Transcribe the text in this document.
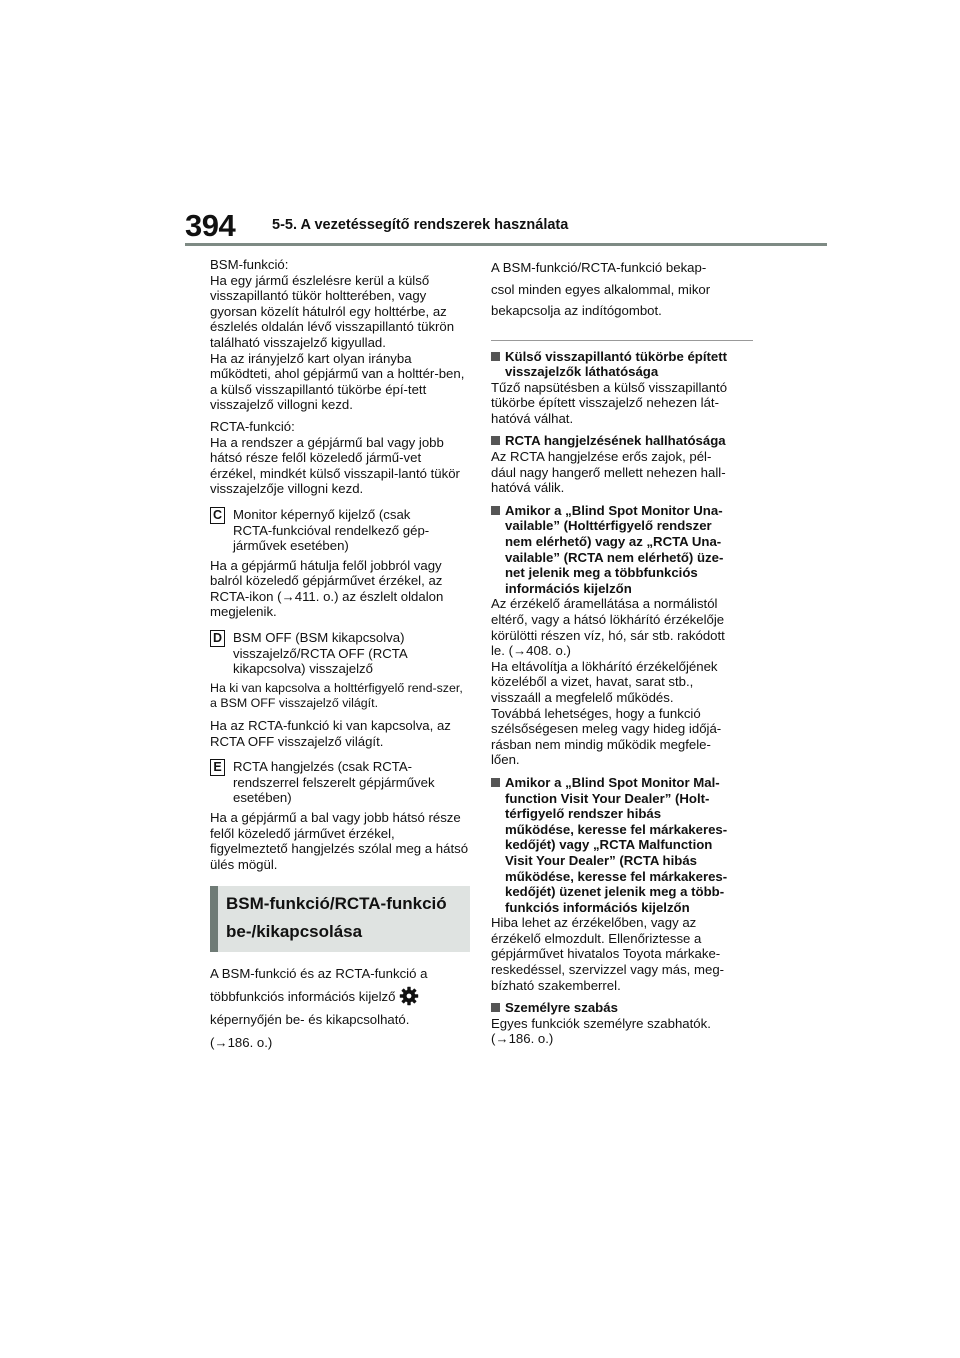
394	5-5. A vezetéssegítő rendszerek használata

BSM-funkció:
Ha egy jármű észlelésre kerül a külső visszapillantó tükör holtterében, vagy gyorsan közelít hátulról egy holttérbe, az észlelés oldalán lévő visszapillantó tükrön található visszajelző kigyullad.
Ha az irányjelző kart olyan irányba működteti, ahol gépjármű van a holttér-ben, a külső visszapillantó tükörbe épí-tett visszajelző villogni kezd.

RCTA-funkció:
Ha a rendszer a gépjármű bal vagy jobb hátsó része felől közeledő jármű-vet érzékel, mindkét külső visszapil-lantó tükör visszajelzője villogni kezd.

C Monitor képernyő kijelző (csak
RCTA-funkcióval rendelkező gép-
járművek esetében)

Ha a gépjármű hátulja felől jobbról vagy balról közeledő gépjárművet érzékel, az RCTA-ikon (→411. o.) az észlelt oldalon megjelenik.

D BSM OFF (BSM kikapcsolva)
visszajelző/RCTA OFF (RCTA
kikapcsolva) visszajelző

Ha ki van kapcsolva a holttérfigyelő rend-szer, a BSM OFF visszajelző világít.

Ha az RCTA-funkció ki van kapcsolva, az RCTA OFF visszajelző világít.

E RCTA hangjelzés (csak RCTA-
rendszerrel felszerelt gépjárművek
esetében)

Ha a gépjármű a bal vagy jobb hátsó része felől közeledő járművet érzékel, figyelmeztető hangjelzés szólal meg a hátsó ülés mögül.

BSM-funkció/RCTA-funkció
be-/kikapcsolása

A BSM-funkció és az RCTA-funkció a

többfunkciós információs kijelző

képernyőjén be- és kikapcsolható.

(→186. o.)

A BSM-funkció/RCTA-funkció bekap-
csol minden egyes alkalommal, mikor
bekapcsolja az indítógombot.

Külső visszapillantó tükörbe épített
visszajelzők láthatósága
Tűző napsütésben a külső visszapillantó
tükörbe épített visszajelző nehezen lát-
hatóvá válhat.
RCTA hangjelzésének hallhatósága
Az RCTA hangjelzése erős zajok, pél-
dául nagy hangerő mellett nehezen hall-
hatóvá válik.
Amikor a „Blind Spot Monitor Una-
vailable” (Holttérfigyelő rendszer
nem elérhető) vagy az „RCTA Una-
vailable” (RCTA nem elérhető) üze-
net jelenik meg a többfunkciós
információs kijelzőn
Az érzékelő áramellátása a normálistól
eltérő, vagy a hátsó lökhárító érzékelője
körülötti részen víz, hó, sár stb. rakódott
le. (→408. o.)
Ha eltávolítja a lökhárító érzékelőjének
közeléből a vizet, havat, sarat stb.,
visszaáll a megfelelő működés.
Továbbá lehetséges, hogy a funkció
szélsőségesen meleg vagy hideg időjá-
rásban nem mindig működik megfele-
lően.
Amikor a „Blind Spot Monitor Mal-
function Visit Your Dealer” (Holt-
térfigyelő rendszer hibás
működése, keresse fel márkakeres-
kedőjét) vagy „RCTA Malfunction
Visit Your Dealer” (RCTA hibás
működése, keresse fel márkakeres-
kedőjét) üzenet jelenik meg a több-
funkciós információs kijelzőn
Hiba lehet az érzékelőben, vagy az
érzékelő elmozdult. Ellenőriztesse a
gépjárművet hivatalos Toyota márkake-
reskedéssel, szervizzel vagy más, meg-
bízható szakemberrel.
Személyre szabás
Egyes funkciók személyre szabhatók.
(→186. o.)
